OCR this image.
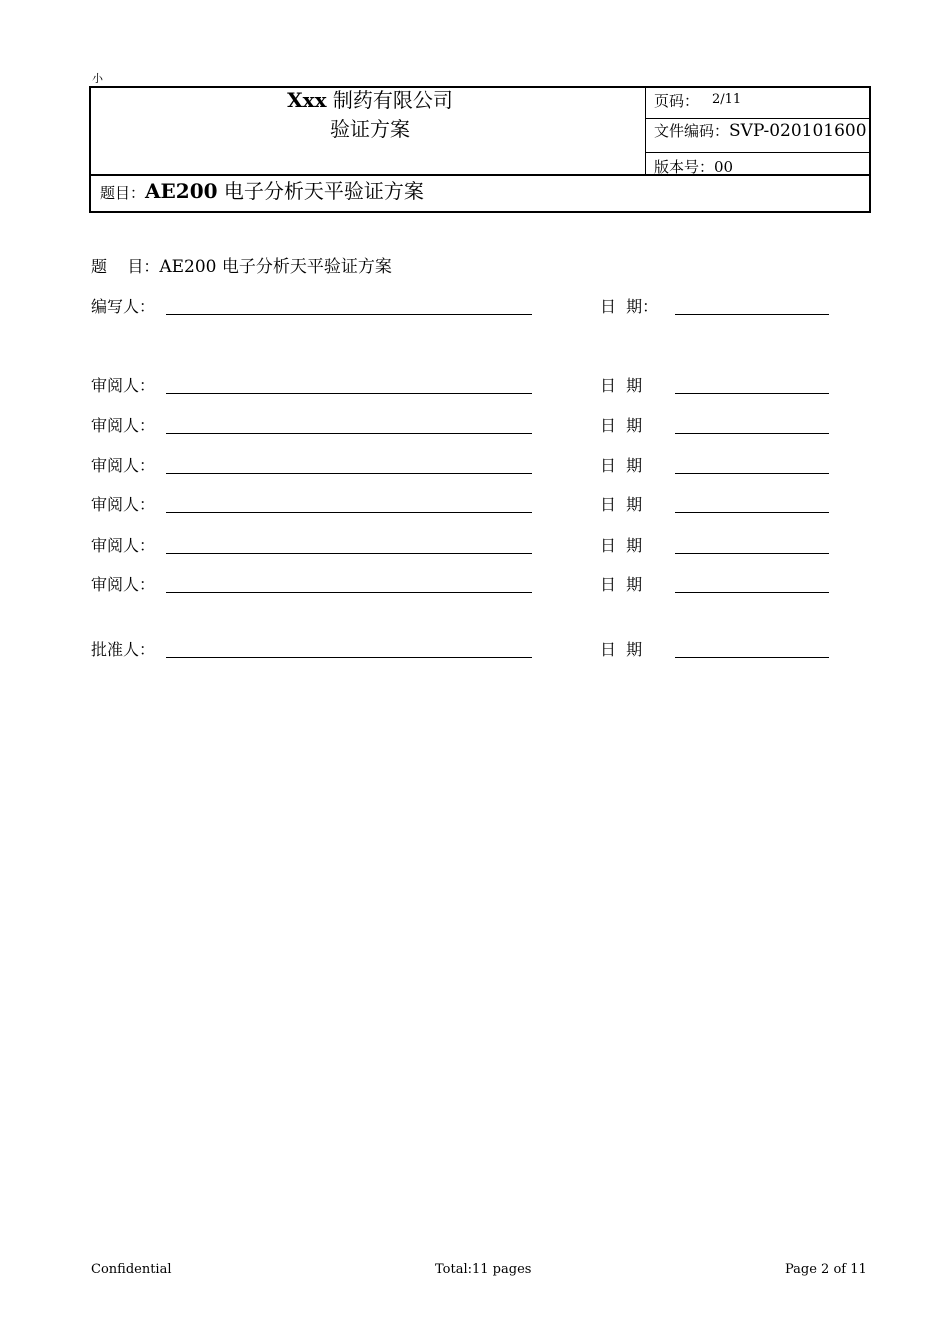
小
Xxx 制药有限公司
验证方案
页码： 2/11
文件编码：SVP-020101600
版本号：00
题目：AE200 电子分析天平验证方案
题    目：AE200 电子分析天平验证方案
编写人：	日  期：
审阅人：	日  期
审阅人：	日  期
审阅人：	日  期
审阅人：	日  期
审阅人：	日  期
审阅人：	日  期
批准人：	日  期
Confidential	Total:11 pages	Page 2 of 11
